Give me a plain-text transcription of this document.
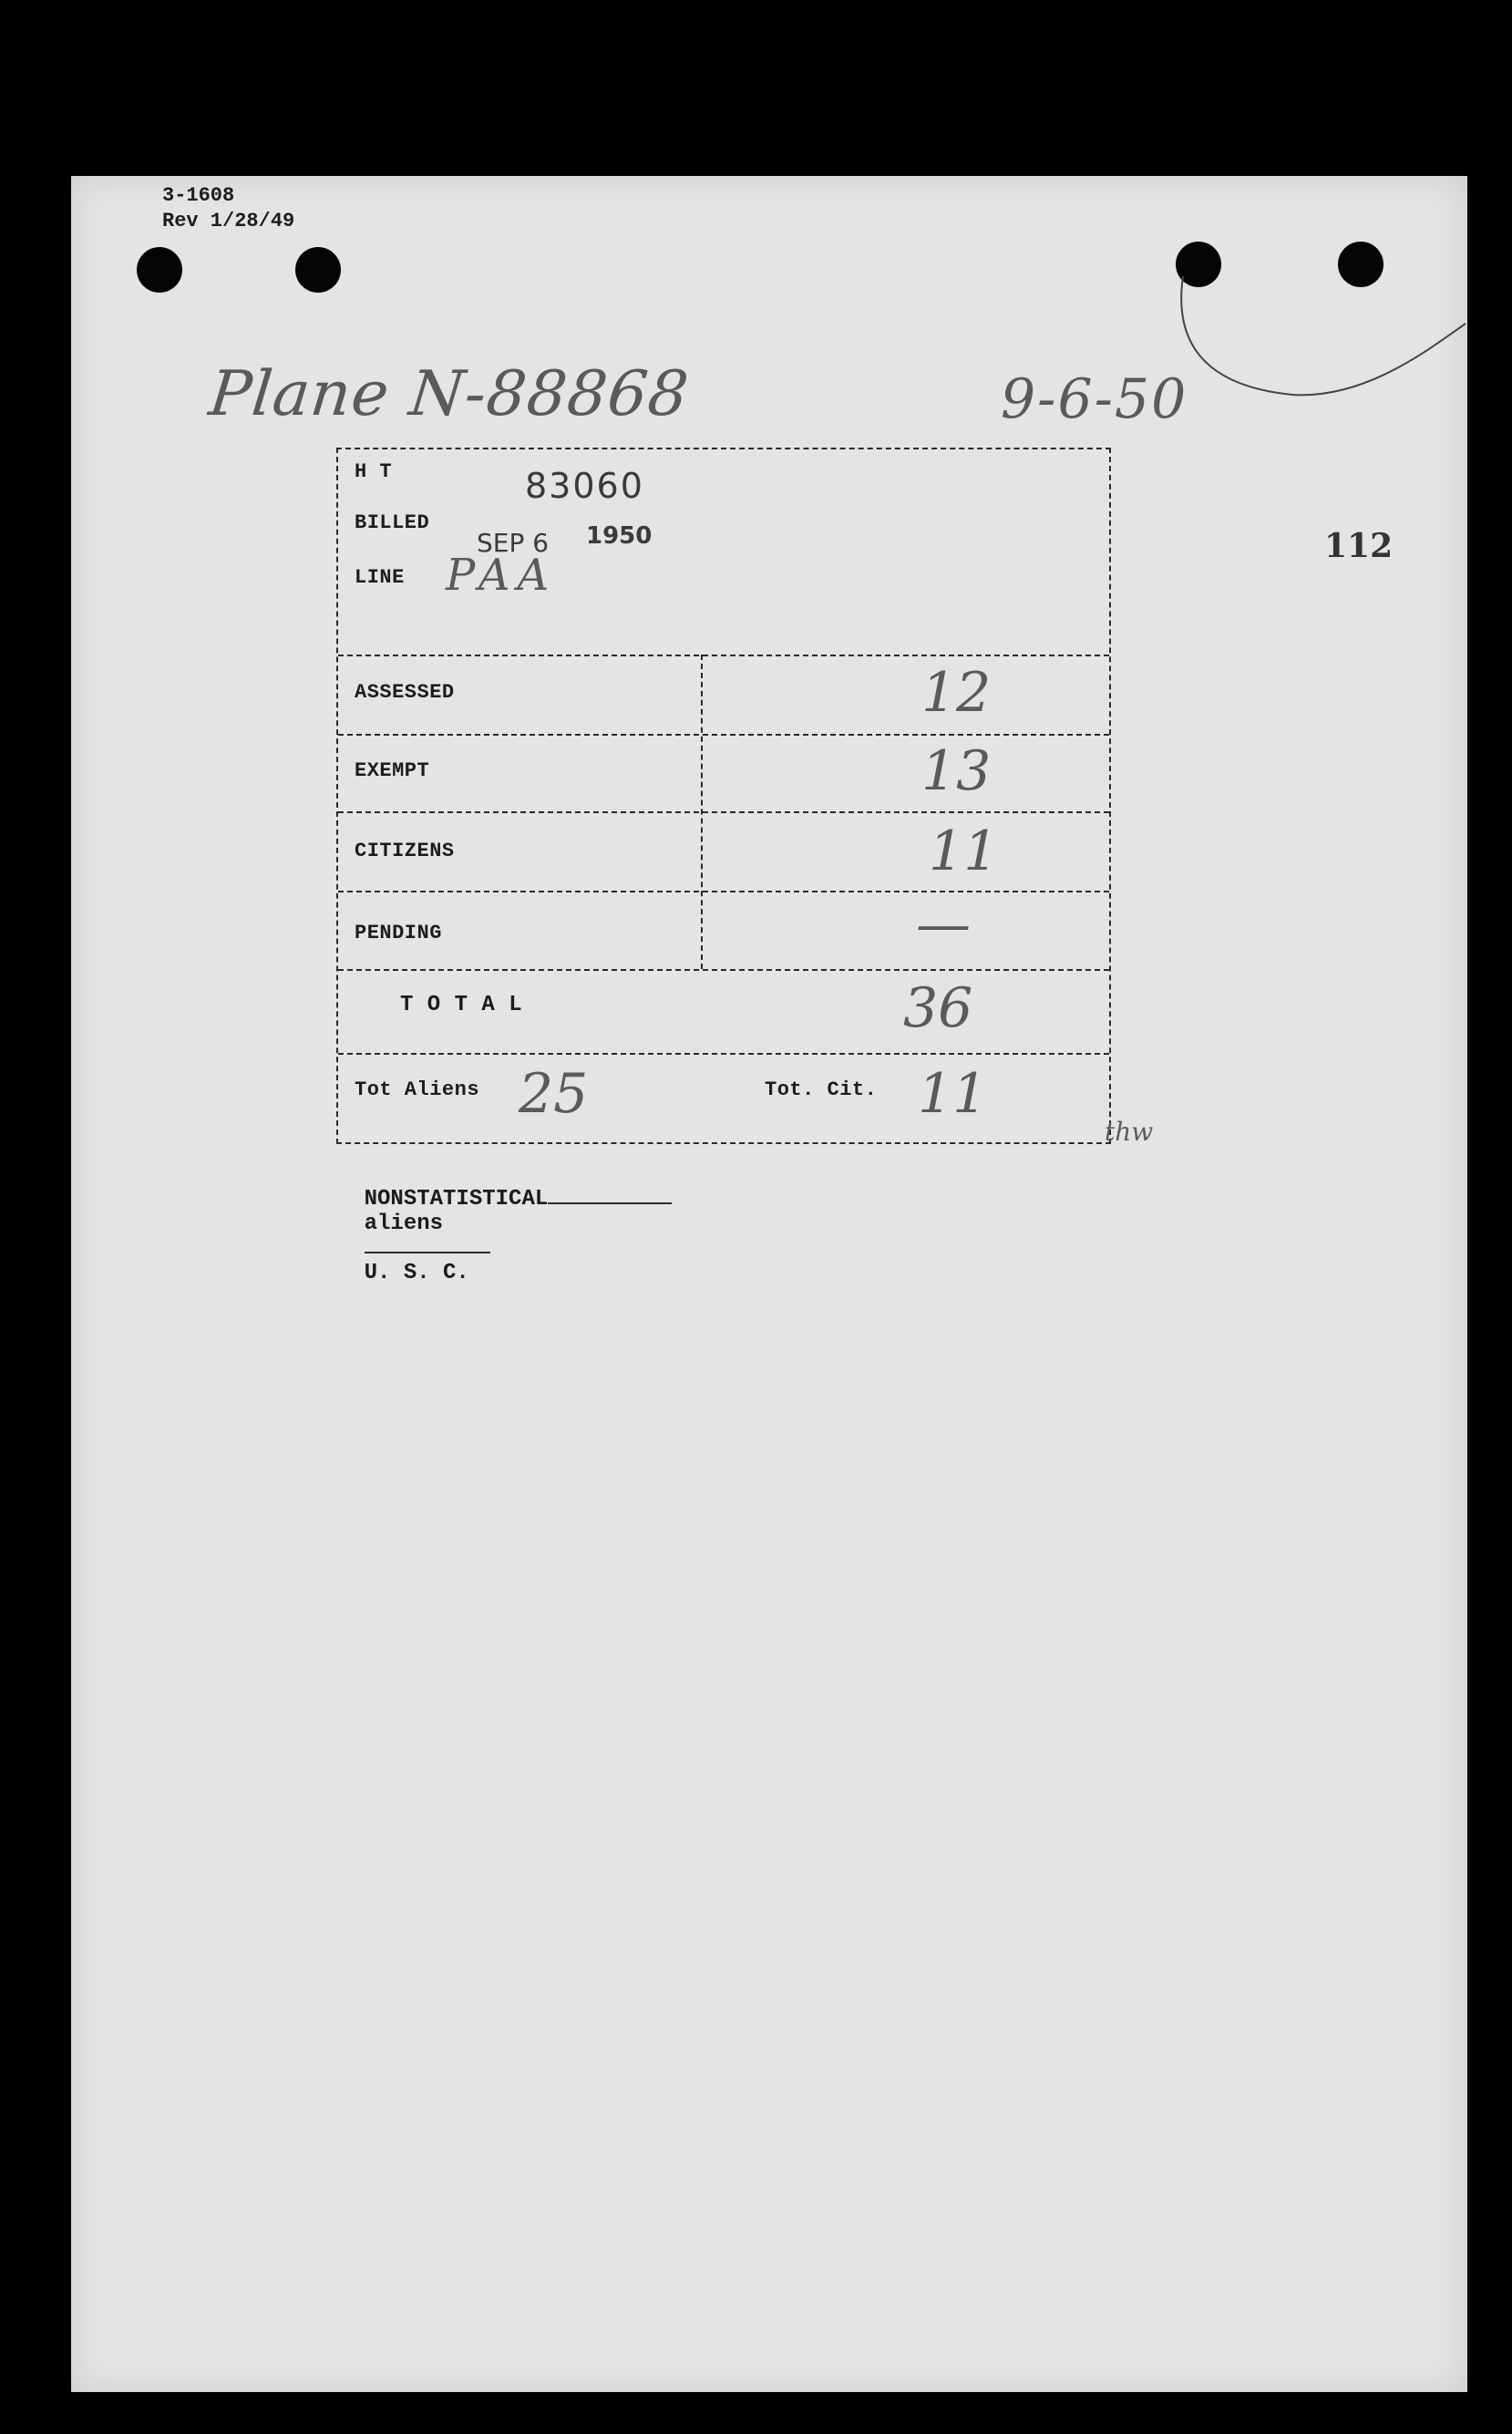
3-1608
Rev 1/28/49
Plane N-88868	9-6-50
112
H T	83060
BILLED
SEP 6 1950
LINE PAA
ASSESSED	12
EXEMPT	13
CITIZENS	11
PENDING	—
T O T A L	36
Tot Aliens 25	Tot. Cit. 11
thw

NONSTATISTICAL
aliens

U. S. C.
